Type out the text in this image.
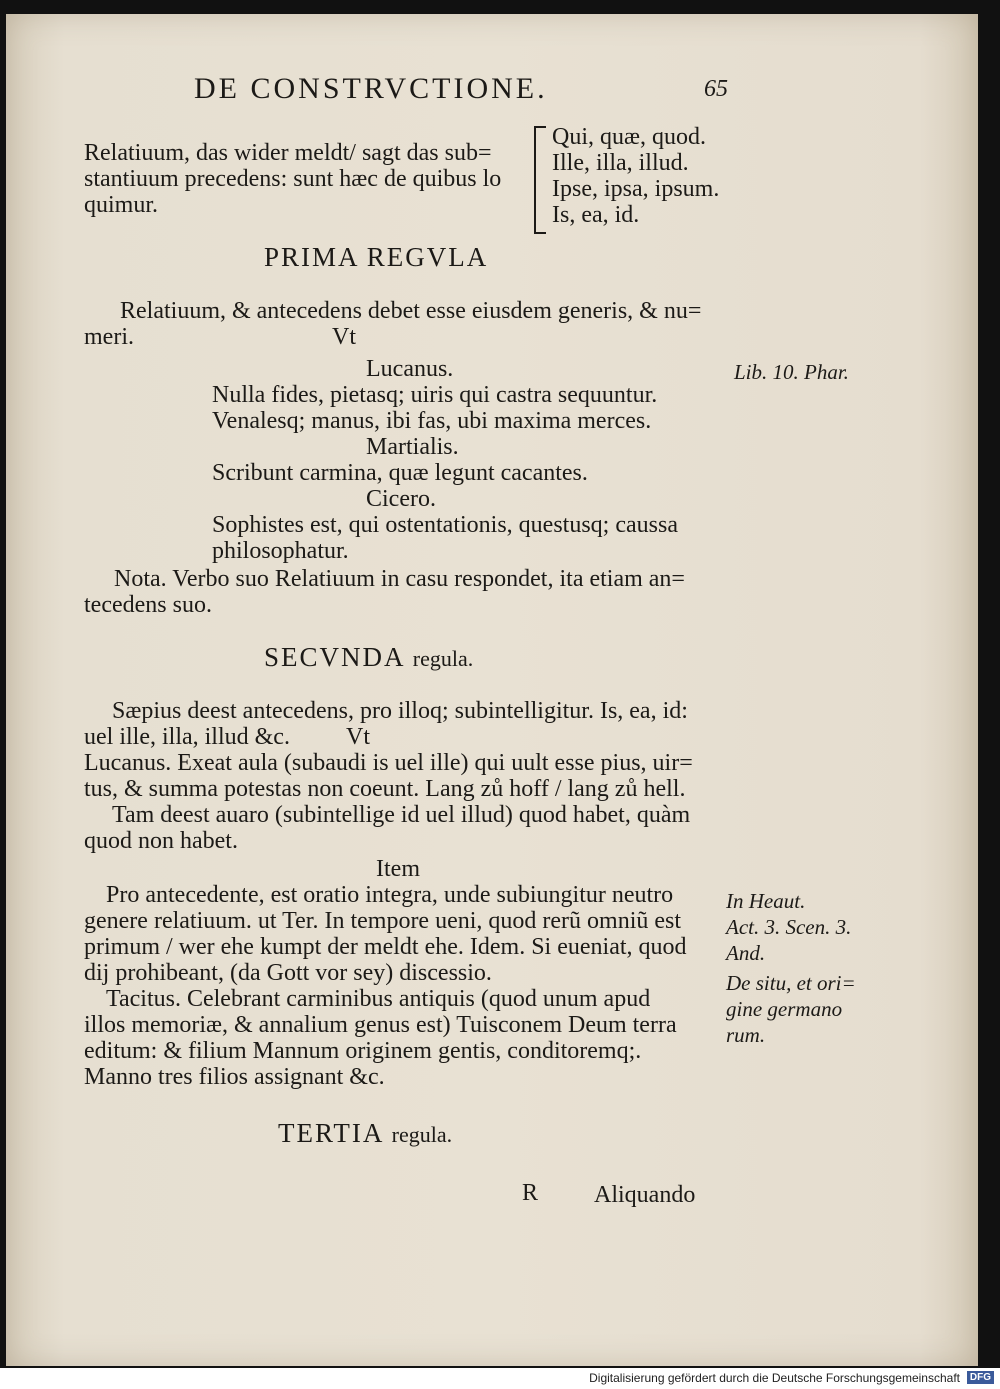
DE CONSTRVCTIONE.	65
Relatiuum, das wider meldt/ sagt das sub=
stantiuum precedens: sunt hæc de quibus lo
quimur.
Qui, quæ, quod.
Ille, illa, illud.
Ipse, ipsa, ipsum.
Is, ea, id.
PRIMA REGVLA
Relatiuum, & antecedens debet esse eiusdem generis, & nu=
meri.	Vt
Lib. 10. Phar.
Lucanus.
Nulla fides, pietasq; uiris qui castra sequuntur.
Venalesq; manus, ibi fas, ubi maxima merces.
Martialis.
Scribunt carmina, quæ legunt cacantes.
Cicero.
Sophistes est, qui ostentationis, questusq; caussa
philosophatur.
Nota. Verbo suo Relatiuum in casu respondet, ita etiam an=
tecedens suo.
SECVNDA regula.
Sæpius deest antecedens, pro illoq; subintelligitur. Is, ea, id:
uel ille, illa, illud &c.	Vt
Lucanus. Exeat aula (subaudi is uel ille) qui uult esse pius, uir=
tus, & summa potestas non coeunt. Lang zů hoff / lang zů hell.
Tam deest auaro (subintellige id uel illud) quod habet, quàm
quod non habet.
Item
Pro antecedente, est oratio integra, unde subiungitur neutro
genere relatiuum. ut Ter. In tempore ueni, quod rerũ omniũ est
primum / wer ehe kumpt der meldt ehe. Idem. Si eueniat, quod
dij prohibeant, (da Gott vor sey) discessio.
Tacitus. Celebrant carminibus antiquis (quod unum apud
illos memoriæ, & annalium genus est) Tuisconem Deum terra
editum: & filium Mannum originem gentis, conditoremq;.
Manno tres filios assignant &c.
In Heaut.
Act. 3. Scen. 3.
And.
De situ, et ori=
gine germano
rum.
TERTIA regula.
R Aliquando
Digitalisierung gefördert durch die Deutsche Forschungsgemeinschaft DFG
